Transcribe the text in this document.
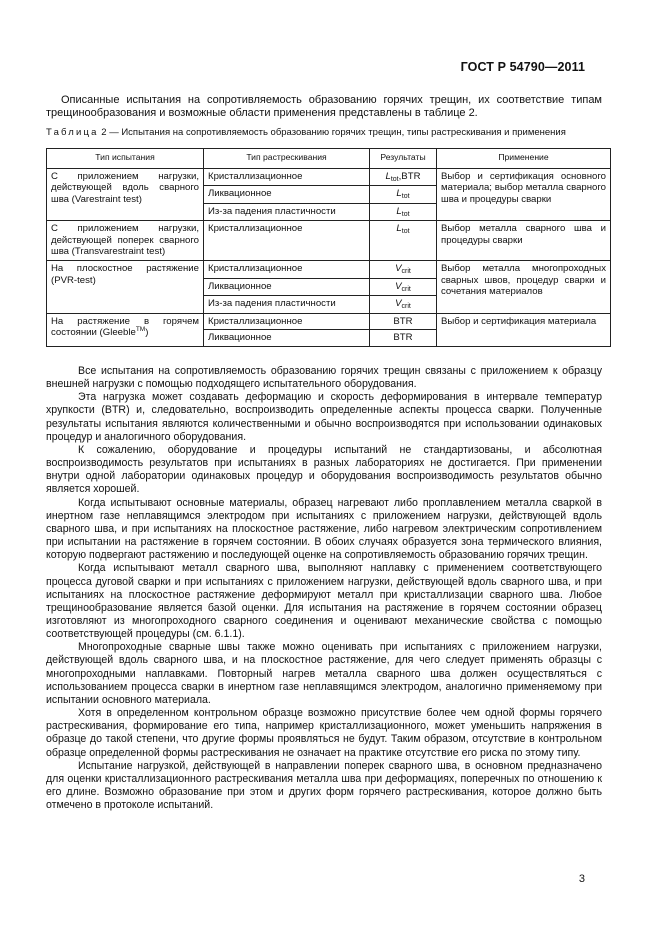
ГОСТ Р 54790—2011

Описанные испытания на сопротивляемость образованию горячих трещин, их соответствие типам трещинообразования и возможные области применения представлены в таблице 2.

Таблица 2 — Испытания на сопротивляемость образованию горячих трещин, типы растрескивания и применения
Тип испытания	Тип растрескивания	Результаты	Применение
С приложением нагрузки, действующей вдоль сварного шва (Varestraint test)	Кристаллизационное	$L_{tot},BTR$	Выбор и сертификация основного материала; выбор металла сварного шва и процедуры сварки
	Ликвационное	$L_{tot}$
	Из-за падения пластичности	$L_{tot}$
С приложением нагрузки, действующей поперек сварного шва (Transvarestraint test)	Кристаллизационное	$L_{tot}$	Выбор металла сварного шва и процедуры сварки
На плоскостное растяжение (PVR-test)	Кристаллизационное	$V_{crit}$	Выбор металла многопроходных сварных швов, процедур сварки и сочетания материалов
	Ликвационное	$V_{crit}$
	Из-за падения пластичности	$V_{crit}$
На растяжение в горячем состоянии (Gleeble™)	Кристаллизационное	BTR	Выбор и сертификация материала
	Ликвационное	BTR	

Все испытания на сопротивляемость образованию горячих трещин связаны с приложением к образцу внешней нагрузки с помощью подходящего испытательного оборудования.

Эта нагрузка может создавать деформацию и скорость деформирования в интервале температур хрупкости (BTR) и, следовательно, воспроизводить определенные аспекты процесса сварки. Полученные результаты испытания являются количественными и обычно воспроизводятся при использовании одинаковых процедур и аналогичного оборудования.

К сожалению, оборудование и процедуры испытаний не стандартизованы, и абсолютная воспроизводимость результатов при испытаниях в разных лабораториях не достигается. При применении внутри одной лаборатории одинаковых процедур и оборудования воспроизводимость результатов обычно является хорошей.

Когда испытывают основные материалы, образец нагревают либо проплавлением металла сваркой в инертном газе неплавящимся электродом при испытаниях с приложением нагрузки, действующей вдоль сварного шва, и при испытаниях на плоскостное растяжение, либо нагревом электрическим сопротивлением при испытании на растяжение в горячем состоянии. В обоих случаях образуется зона термического влияния, которую подвергают растяжению и последующей оценке на сопротивляемость образованию горячих трещин.

Когда испытывают металл сварного шва, выполняют наплавку с применением соответствующего процесса дуговой сварки и при испытаниях с приложением нагрузки, действующей вдоль сварного шва, и при испытаниях на плоскостное растяжение деформируют металл при кристаллизации сварного шва. Любое трещинообразование является базой оценки. Для испытания на растяжение в горячем состоянии образец изготовляют из многопроходного сварного соединения и оценивают механические свойства с помощью соответствующей процедуры (см. 6.1.1).

Многопроходные сварные швы также можно оценивать при испытаниях с приложением нагрузки, действующей вдоль сварного шва, и на плоскостное растяжение, для чего следует применять образцы с многопроходными наплавками. Повторный нагрев металла сварного шва должен осуществляться с использованием процесса сварки в инертном газе неплавящимся электродом, аналогично применяемому при испытании основного материала.

Хотя в определенном контрольном образце возможно присутствие более чем одной формы горячего растрескивания, формирование его типа, например кристаллизационного, может уменьшить напряжения в образце до такой степени, что другие формы проявляться не будут. Таким образом, отсутствие в контрольном образце определенной формы растрескивания не означает на практике отсутствие его риска по этому типу.

Испытание нагрузкой, действующей в направлении поперек сварного шва, в основном предназначено для оценки кристаллизационного растрескивания металла шва при деформациях, поперечных по отношению к его длине. Возможно образование при этом и других форм горячего растрескивания, которое должно быть отмечено в протоколе испытаний.

3
